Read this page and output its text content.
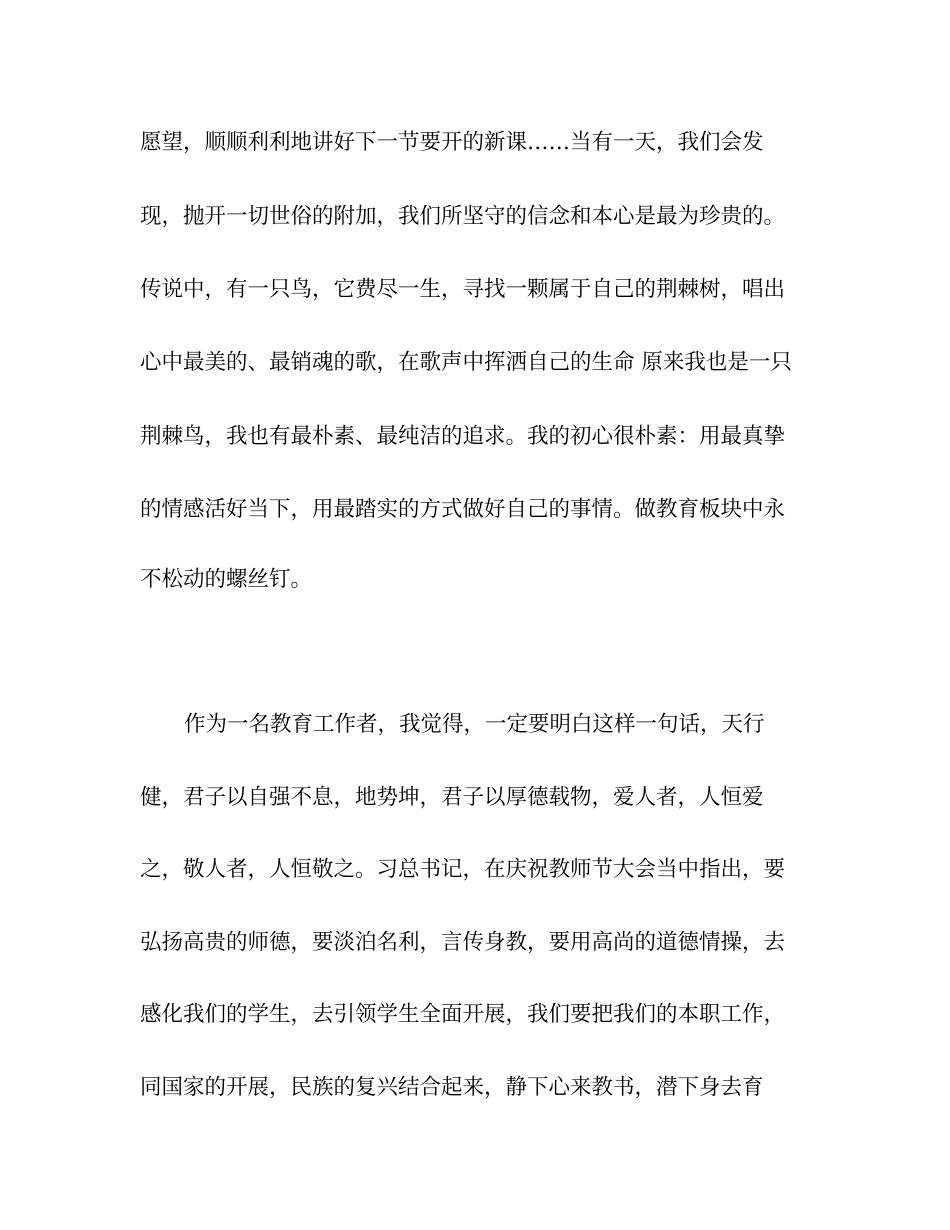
愿望，顺顺利利地讲好下一节要开的新课……当有一天，我们会发
现，抛开一切世俗的附加，我们所坚守的信念和本心是最为珍贵的。
传说中，有一只鸟，它费尽一生，寻找一颗属于自己的荆棘树，唱出
心中最美的、最销魂的歌，在歌声中挥洒自己的生命 原来我也是一只
荆棘鸟，我也有最朴素、最纯洁的追求。我的初心很朴素：用最真挚
的情感活好当下，用最踏实的方式做好自己的事情。做教育板块中永
不松动的螺丝钉。
作为一名教育工作者，我觉得，一定要明白这样一句话，天行
健，君子以自强不息，地势坤，君子以厚德载物，爱人者，人恒爱
之，敬人者，人恒敬之。习总书记，在庆祝教师节大会当中指出，要
弘扬高贵的师德，要淡泊名利，言传身教，要用高尚的道德情操，去
感化我们的学生，去引领学生全面开展，我们要把我们的本职工作，
同国家的开展，民族的复兴结合起来，静下心来教书，潜下身去育
